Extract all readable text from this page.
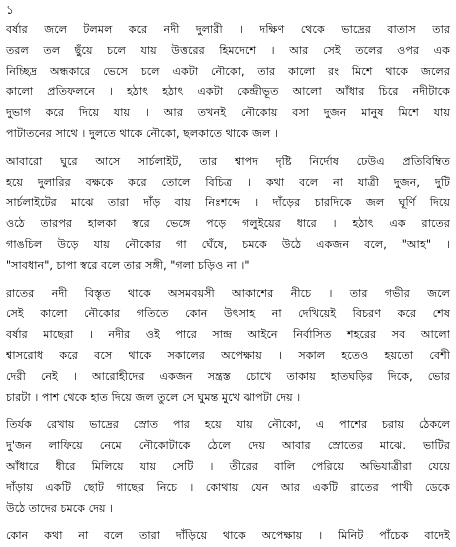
১
বর্ষার জলে টলমল করে নদী দুলারী । দক্ষিণ থেকে ভাদ্রের বাতাস তার
তরল তল ছুঁয়ে চলে যায় উত্তরের হিমদেশে । আর সেই তলের ওপর এক
নিচ্ছিদ্র অন্ধকারে ভেসে চলে একটা নৌকো, তার কালো রং মিশে থাকে জলের
কালো প্রতিফলনে । হঠাৎ হঠাৎ একটা কেন্দ্রীভূত আলো আঁধার চিরে নদীটাকে
দুভাগ করে দিয়ে যায় । আর তখনই নৌকোয় বসা দুজন মানুষ মিশে যায়
পাটাতনের সাথে । দুলতে থাকে নৌকো, ছলকাতে থাকে জল ।
আবারো ঘুরে আসে সার্চলাইট, তার শ্বাপদ দৃষ্টি নির্দোষ ঢেউএ প্রতিবিম্বিত
হয়ে দুলারির বক্ষকে করে তোলে বিচিত্র । কথা বলে না যাত্রী দুজন, দুটি
সার্চলাইটের মাঝে তারা দাঁড় বায় নিঃশব্দে । দাঁড়ের চারদিকে জল ঘূর্ণি দিয়ে
ওঠে তারপর হালকা স্বরে ভেঙ্গে পড়ে গলুইয়ের ধারে । হঠাৎ এক রাতের
গাঙচিল উড়ে যায় নৌকোর গা ঘেঁষে, চমকে উঠে একজন বলে, "আহ" ।
"সাবধান", চাপা স্বরে বলে তার সঙ্গী, "গলা চড়িও না ।"
রাতের নদী বিস্তৃত থাকে অসমবয়সী আকাশের নীচে । তার গভীর জলে
সেই কালো নৌকোর গতিতে কোন উৎসাহ না দেখিয়েই বিচরণ করে শেষ
বর্ষার মাছেরা । নদীর ওই পারে সান্দ্র আইনে নির্বাসিত শহরের সব আলো
শ্বাসরোধ করে বসে থাকে সকালের অপেক্ষায় । সকাল হতেও হয়তো বেশী
দেরী নেই । আরোহীদের একজন সন্ত্রস্ত চোখে তাকায় হাতঘড়ির দিকে, ভোর
চারটা । পাশ থেকে হাত দিয়ে জল তুলে সে ঘুমন্ত মুখে ঝাপটা দেয় ।
তির্যক রেখায় ভাদ্রের স্রোত পার হয়ে যায় নৌকো, এ পাশের চরায় ঠেকলে
দু'জন লাফিয়ে নেমে নৌকোটাকে ঠেলে দেয় আবার স্রোতের মাঝে. ভাটির
আঁধারে ধীরে মিলিয়ে যায় সেটি । তীরের বালি পেরিয়ে অভিযাত্রীরা যেয়ে
দাঁড়ায় একটি ছোট গাছের নিচে । কোথায় যেন আর একটি রাতের পাখী ডেকে
উঠে তাদের চমকে দেয় ।
কোন কথা না বলে তারা দাঁড়িয়ে থাকে অপেক্ষায় । মিনিট পাঁচেক বাদেই
